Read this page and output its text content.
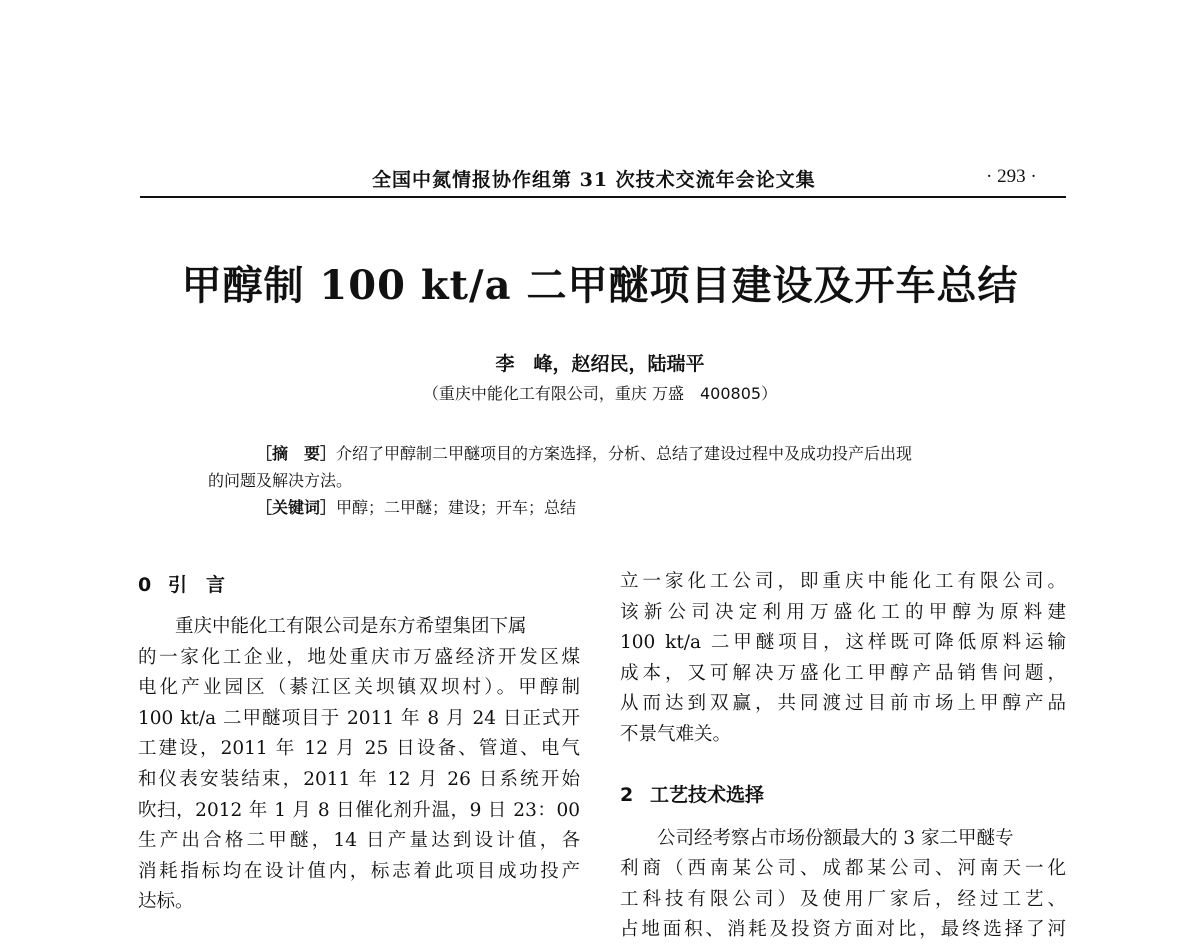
全国中氮情报协作组第 31 次技术交流年会论文集	· 293 ·
甲醇制 100 kt/a 二甲醚项目建设及开车总结
李　峰，赵绍民，陆瑞平
（重庆中能化工有限公司，重庆 万盛　400805）
［摘　要］介绍了甲醇制二甲醚项目的方案选择，分析、总结了建设过程中及成功投产后出现
的问题及解决方法。
［关键词］甲醇；二甲醚；建设；开车；总结
0 引　言
重庆中能化工有限公司是东方希望集团下属
的一家化工企业，地处重庆市万盛经济开发区煤
电化产业园区（綦江区关坝镇双坝村）。甲醇制
100 kt/a 二甲醚项目于 2011 年 8 月 24 日正式开
工建设，2011 年 12 月 25 日设备、管道、电气
和仪表安装结束，2011 年 12 月 26 日系统开始
吹扫，2012 年 1 月 8 日催化剂升温，9 日 23：00
生产出合格二甲醚，14 日产量达到设计值，各
消耗指标均在设计值内，标志着此项目成功投产
达标。
立一家化工公司，即重庆中能化工有限公司。
该新公司决定利用万盛化工的甲醇为原料建
100 kt/a 二甲醚项目，这样既可降低原料运输
成本，又可解决万盛化工甲醇产品销售问题，
从而达到双赢，共同渡过目前市场上甲醇产品
不景气难关。
2 工艺技术选择
公司经考察占市场份额最大的 3 家二甲醚专
利商（西南某公司、成都某公司、河南天一化
工科技有限公司）及使用厂家后，经过工艺、
占地面积、消耗及投资方面对比，最终选择了河
